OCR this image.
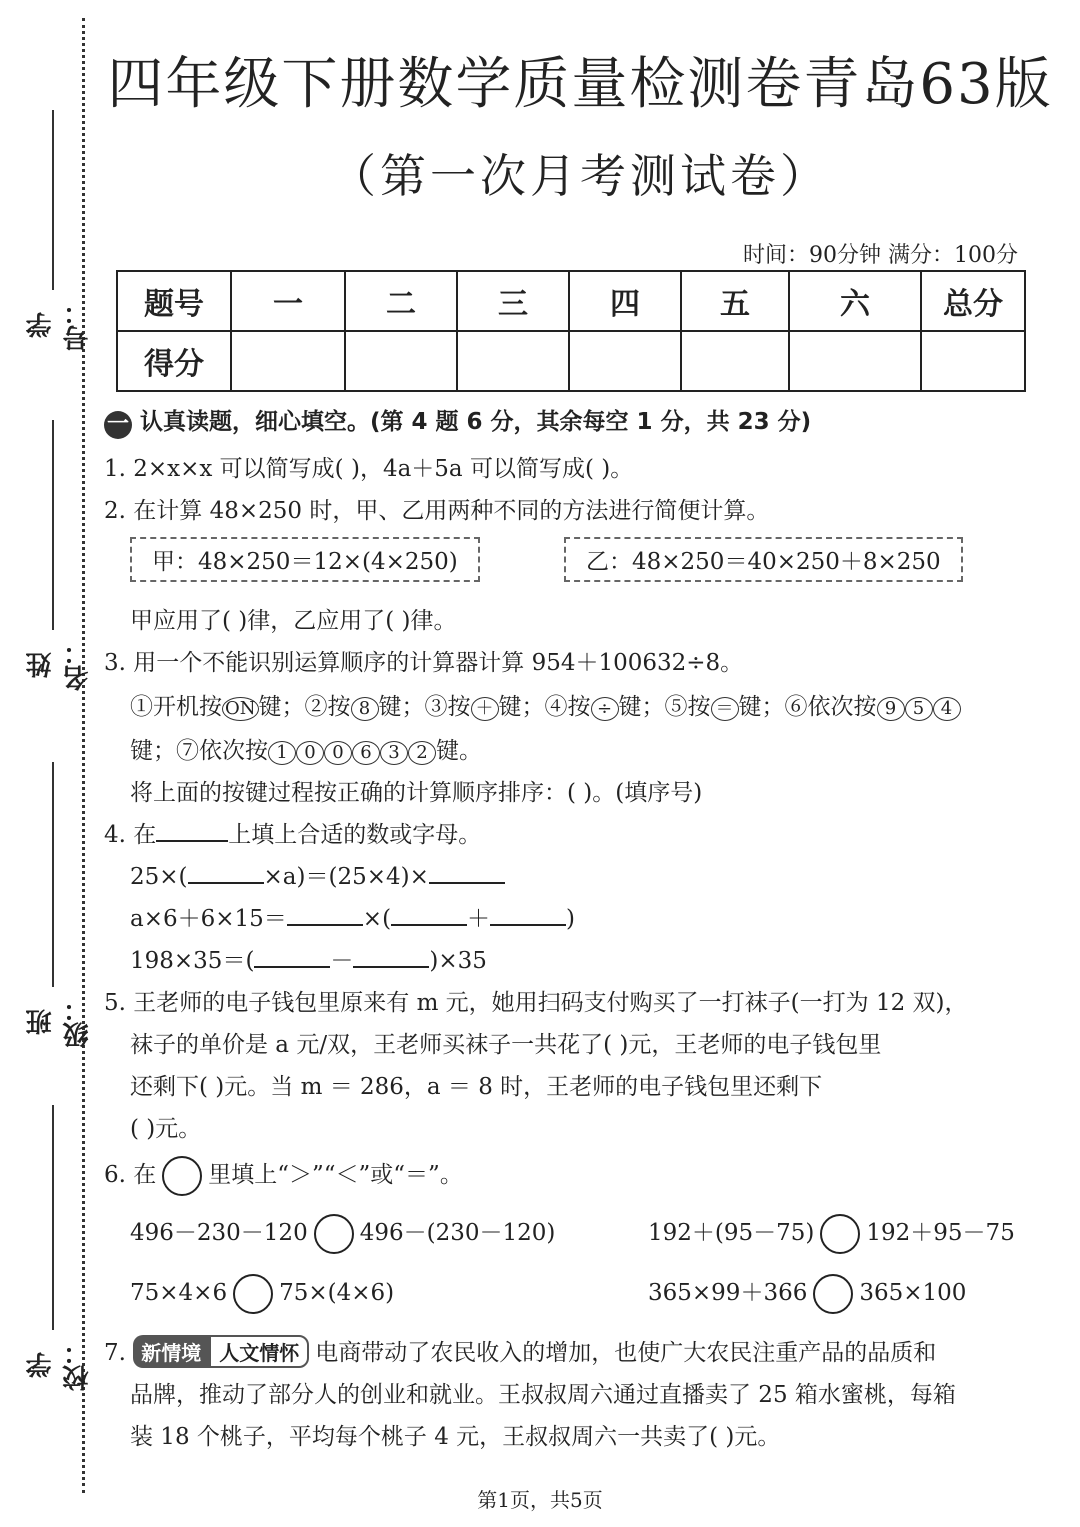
学号：
姓名：
班级：
学校：
四年级下册数学质量检测卷青岛63版
（第一次月考测试卷）
时间：90分钟 满分：100分
题号	一	二	三	四	五	六	总分
得分							
一 认真读题，细心填空。(第 4 题 6 分，其余每空 1 分，共 23 分)
1. 2×x×x 可以简写成( )，4a＋5a 可以简写成( )。
2. 在计算 48×250 时，甲、乙用两种不同的方法进行简便计算。
甲：48×250＝12×(4×250)	乙：48×250＝40×250＋8×250
甲应用了( )律，乙应用了( )律。
3. 用一个不能识别运算顺序的计算器计算 954＋100632÷8。
①开机按 ON 键；②按 8 键；③按 ＋ 键；④按 ÷ 键；⑤按 ＝ 键；⑥依次按 9 5 4
键；⑦依次按 1 0 0 6 3 2 键。
将上面的按键过程按正确的计算顺序排序：( )。(填序号)
4. 在	上填上合适的数或字母。
25×(	×a)＝(25×4)×
a×6＋6×15＝	×(	＋	)
198×35＝(	－	)×35
5. 王老师的电子钱包里原来有 m 元，她用扫码支付购买了一打袜子(一打为 12 双)，
袜子的单价是 a 元/双，王老师买袜子一共花了( )元，王老师的电子钱包里
还剩下( )元。当 m ＝ 286，a ＝ 8 时，王老师的电子钱包里还剩下
( )元。
6. 在 里填上“＞”“＜”或“＝”。
496－230－120 496－(230－120)	192＋(95－75) 192＋95－75
75×4×6 75×(4×6)	365×99＋366 365×100
7. 新情境 人文情怀 电商带动了农民收入的增加，也使广大农民注重产品的品质和
品牌，推动了部分人的创业和就业。王叔叔周六通过直播卖了 25 箱水蜜桃，每箱
装 18 个桃子，平均每个桃子 4 元，王叔叔周六一共卖了( )元。
第1页，共5页
